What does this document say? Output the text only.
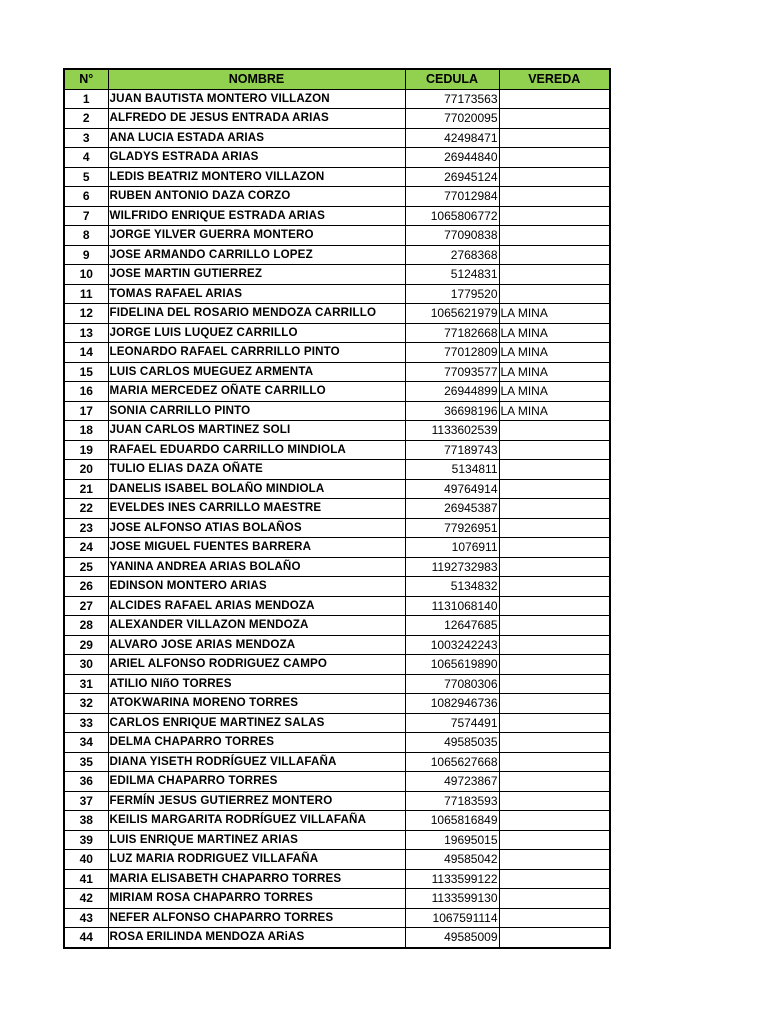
N°	NOMBRE	CEDULA	VEREDA
1	JUAN BAUTISTA MONTERO VILLAZON	77173563	
2	ALFREDO DE JESUS ENTRADA ARIAS	77020095	
3	ANA LUCIA ESTADA ARIAS	42498471	
4	GLADYS ESTRADA ARIAS	26944840	
5	LEDIS BEATRIZ MONTERO VILLAZON	26945124	
6	RUBEN ANTONIO DAZA CORZO	77012984	
7	WILFRIDO ENRIQUE ESTRADA ARIAS	1065806772	
8	JORGE YILVER GUERRA MONTERO	77090838	
9	JOSE ARMANDO CARRILLO LOPEZ	2768368	
10	JOSE MARTIN GUTIERREZ	5124831	
11	TOMAS RAFAEL ARIAS	1779520	
12	FIDELINA DEL ROSARIO MENDOZA CARRILLO	1065621979	LA MINA
13	JORGE LUIS LUQUEZ CARRILLO	77182668	LA MINA
14	LEONARDO RAFAEL CARRRILLO PINTO	77012809	LA MINA
15	LUIS CARLOS MUEGUEZ ARMENTA	77093577	LA MINA
16	MARIA MERCEDEZ OÑATE CARRILLO	26944899	LA MINA
17	SONIA CARRILLO PINTO	36698196	LA MINA
18	JUAN CARLOS MARTINEZ SOLI	1133602539	
19	RAFAEL EDUARDO CARRILLO MINDIOLA	77189743	
20	TULIO ELIAS DAZA OÑATE	5134811	
21	DANELIS ISABEL BOLAÑO MINDIOLA	49764914	
22	EVELDES INES CARRILLO MAESTRE	26945387	
23	JOSE ALFONSO ATIAS BOLAÑOS	77926951	
24	JOSE MIGUEL FUENTES BARRERA	1076911	
25	YANINA ANDREA ARIAS BOLAÑO	1192732983	
26	EDINSON MONTERO ARIAS	5134832	
27	ALCIDES RAFAEL ARIAS MENDOZA	1131068140	
28	ALEXANDER VILLAZON MENDOZA	12647685	
29	ALVARO JOSE ARIAS MENDOZA	1003242243	
30	ARIEL ALFONSO RODRIGUEZ CAMPO	1065619890	
31	ATILIO NIñO TORRES	77080306	
32	ATOKWARINA MORENO TORRES	1082946736	
33	CARLOS ENRIQUE MARTINEZ SALAS	7574491	
34	DELMA CHAPARRO TORRES	49585035	
35	DIANA YISETH RODRÍGUEZ VILLAFAÑA	1065627668	
36	EDILMA CHAPARRO TORRES	49723867	
37	FERMÍN JESUS GUTIERREZ MONTERO	77183593	
38	KEILIS MARGARITA RODRÍGUEZ VILLAFAÑA	1065816849	
39	LUIS ENRIQUE MARTINEZ ARIAS	19695015	
40	LUZ MARIA RODRIGUEZ VILLAFAÑA	49585042	
41	MARIA ELISABETH CHAPARRO TORRES	1133599122	
42	MIRIAM ROSA CHAPARRO TORRES	1133599130	
43	NEFER ALFONSO CHAPARRO TORRES	1067591114	
44	ROSA ERILINDA MENDOZA ARiAS	49585009	
